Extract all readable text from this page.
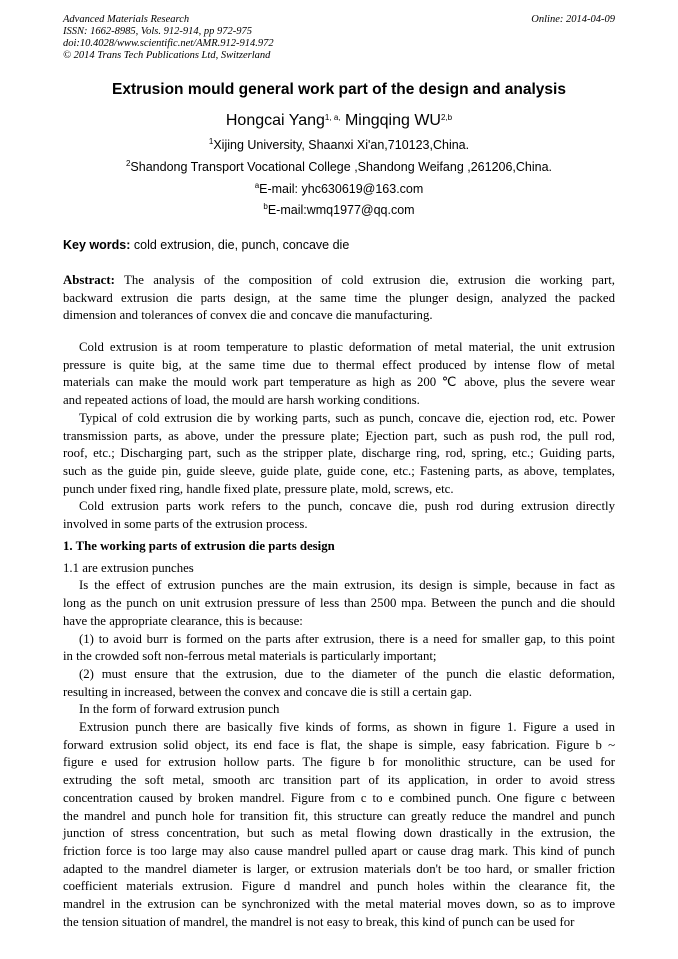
Advanced Materials Research
ISSN: 1662-8985, Vols. 912-914, pp 972-975
doi:10.4028/www.scientific.net/AMR.912-914.972
© 2014 Trans Tech Publications Ltd, Switzerland
Online: 2014-04-09
Extrusion mould general work part of the design and analysis
Hongcai Yang$^{1, a,}$ Mingqing WU$^{2,b}$
$^1$Xijing University, Shaanxi Xi'an,710123,China.
$^2$Shandong Transport Vocational College ,Shandong Weifang ,261206,China.
$^a$E-mail: yhc630619@163.com
$^b$E-mail:wmq1977@qq.com
Key words: cold extrusion, die, punch, concave die
Abstract: The analysis of the composition of cold extrusion die, extrusion die working part,
backward extrusion die parts design, at the same time the plunger design, analyzed the packed
dimension and tolerances of convex die and concave die manufacturing.
Cold extrusion is at room temperature to plastic deformation of metal material, the unit extrusion
pressure is quite big, at the same time due to thermal effect produced by intense flow of metal
materials can make the mould work part temperature as high as 200 ℃ above, plus the severe wear
and repeated actions of load, the mould are harsh working conditions.
Typical of cold extrusion die by working parts, such as punch, concave die, ejection rod, etc. Power
transmission parts, as above, under the pressure plate; Ejection part, such as push rod, the pull rod,
roof, etc.; Discharging part, such as the stripper plate, discharge ring, rod, spring, etc.; Guiding parts,
such as the guide pin, guide sleeve, guide plate, guide cone, etc.; Fastening parts, as above, templates,
punch under fixed ring, handle fixed plate, pressure plate, mold, screws, etc.
Cold extrusion parts work refers to the punch, concave die, push rod during extrusion directly
involved in some parts of the extrusion process.
1. The working parts of extrusion die parts design
1.1 are extrusion punches
Is the effect of extrusion punches are the main extrusion, its design is simple, because in fact as
long as the punch on unit extrusion pressure of less than 2500 mpa. Between the punch and die should
have the appropriate clearance, this is because:
(1) to avoid burr is formed on the parts after extrusion, there is a need for smaller gap, to this point
in the crowded soft non-ferrous metal materials is particularly important;
(2) must ensure that the extrusion, due to the diameter of the punch die elastic deformation,
resulting in increased, between the convex and concave die is still a certain gap.
In the form of forward extrusion punch
Extrusion punch there are basically five kinds of forms, as shown in figure 1. Figure a used in
forward extrusion solid object, its end face is flat, the shape is simple, easy fabrication. Figure b ~
figure e used for extrusion hollow parts. The figure b for monolithic structure, can be used for
extruding the soft metal, smooth arc transition part of its application, in order to avoid stress
concentration caused by broken mandrel. Figure from c to e combined punch. One figure c between
the mandrel and punch hole for transition fit, this structure can greatly reduce the mandrel and punch
junction of stress concentration, but such as metal flowing down drastically in the extrusion, the
friction force is too large may also cause mandrel pulled apart or cause drag mark. This kind of punch
adapted to the mandrel diameter is larger, or extrusion materials don't be too hard, or smaller friction
coefficient materials extrusion. Figure d mandrel and punch holes within the clearance fit, the
mandrel in the extrusion can be synchronized with the metal material moves down, so as to improve
the tension situation of mandrel, the mandrel is not easy to break, this kind of punch can be used for
